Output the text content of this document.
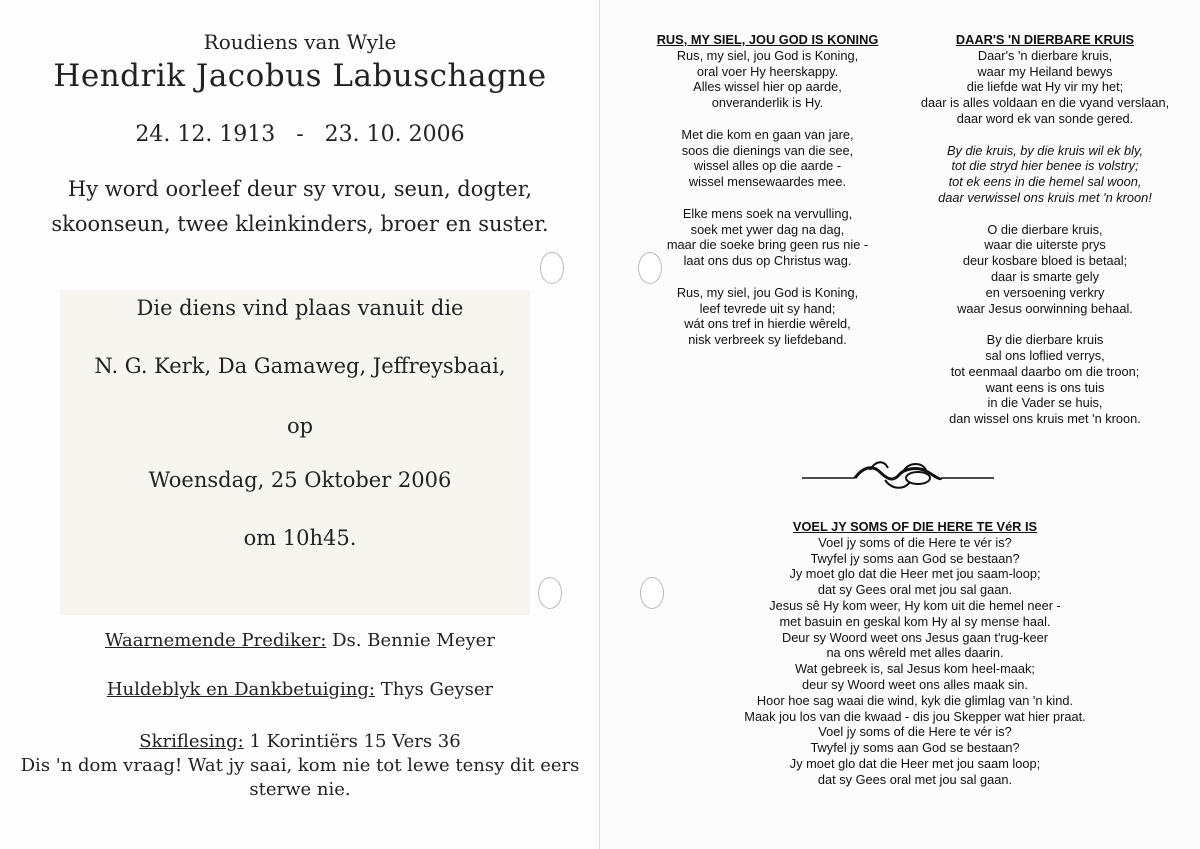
Roudiens van Wyle
Hendrik Jacobus Labuschagne
24. 12. 1913   -   23. 10. 2006
Hy word oorleef deur sy vrou, seun, dogter,
skoonseun, twee kleinkinders, broer en suster.
Die diens vind plaas vanuit die
N. G. Kerk, Da Gamaweg, Jeffreysbaai,
op
Woensdag, 25 Oktober 2006
om 10h45.
Waarnemende Prediker: Ds. Bennie Meyer
Huldeblyk en Dankbetuiging: Thys Geyser
Skriflesing: 1 Korintiërs 15 Vers 36
Dis 'n dom vraag! Wat jy saai, kom nie tot lewe tensy dit eers
sterwe nie.
RUS, MY SIEL, JOU GOD IS KONING
Rus, my siel, jou God is Koning,
oral voer Hy heerskappy.
Alles wissel hier op aarde,
onveranderlik is Hy.
Met die kom en gaan van jare,
soos die dienings van die see,
wissel alles op die aarde -
wissel mensewaardes mee.
Elke mens soek na vervulling,
soek met ywer dag na dag,
maar die soeke bring geen rus nie -
laat ons dus op Christus wag.
Rus, my siel, jou God is Koning,
leef tevrede uit sy hand;
wát ons tref in hierdie wêreld,
nisk verbreek sy liefdeband.
DAAR'S 'N DIERBARE KRUIS
Daar's 'n dierbare kruis,
waar my Heiland bewys
die liefde wat Hy vir my het;
daar is alles voldaan en die vyand verslaan,
daar word ek van sonde gered.
By die kruis, by die kruis wil ek bly,
tot die stryd hier benee is volstry;
tot ek eens in die hemel sal woon,
daar verwissel ons kruis met 'n kroon!
O die dierbare kruis,
waar die uiterste prys
deur kosbare bloed is betaal;
daar is smarte gely
en versoening verkry
waar Jesus oorwinning behaal.
By die dierbare kruis
sal ons loflied verrys,
tot eenmaal daarbo om die troon;
want eens is ons tuis
in die Vader se huis,
dan wissel ons kruis met 'n kroon.
VOEL JY SOMS OF DIE HERE TE VéR IS
Voel jy soms of die Here te vér is?
Twyfel jy soms aan God se bestaan?
Jy moet glo dat die Heer met jou saam-loop;
dat sy Gees oral met jou sal gaan.
Jesus sê Hy kom weer, Hy kom uit die hemel neer -
met basuin en geskal kom Hy al sy mense haal.
Deur sy Woord weet ons Jesus gaan t'rug-keer
na ons wêreld met alles daarin.
Wat gebreek is, sal Jesus kom heel-maak;
deur sy Woord weet ons alles maak sin.
Hoor hoe sag waai die wind, kyk die glimlag van 'n kind.
Maak jou los van die kwaad - dis jou Skepper wat hier praat.
Voel jy soms of die Here te vér is?
Twyfel jy soms aan God se bestaan?
Jy moet glo dat die Heer met jou saam loop;
dat sy Gees oral met jou sal gaan.
